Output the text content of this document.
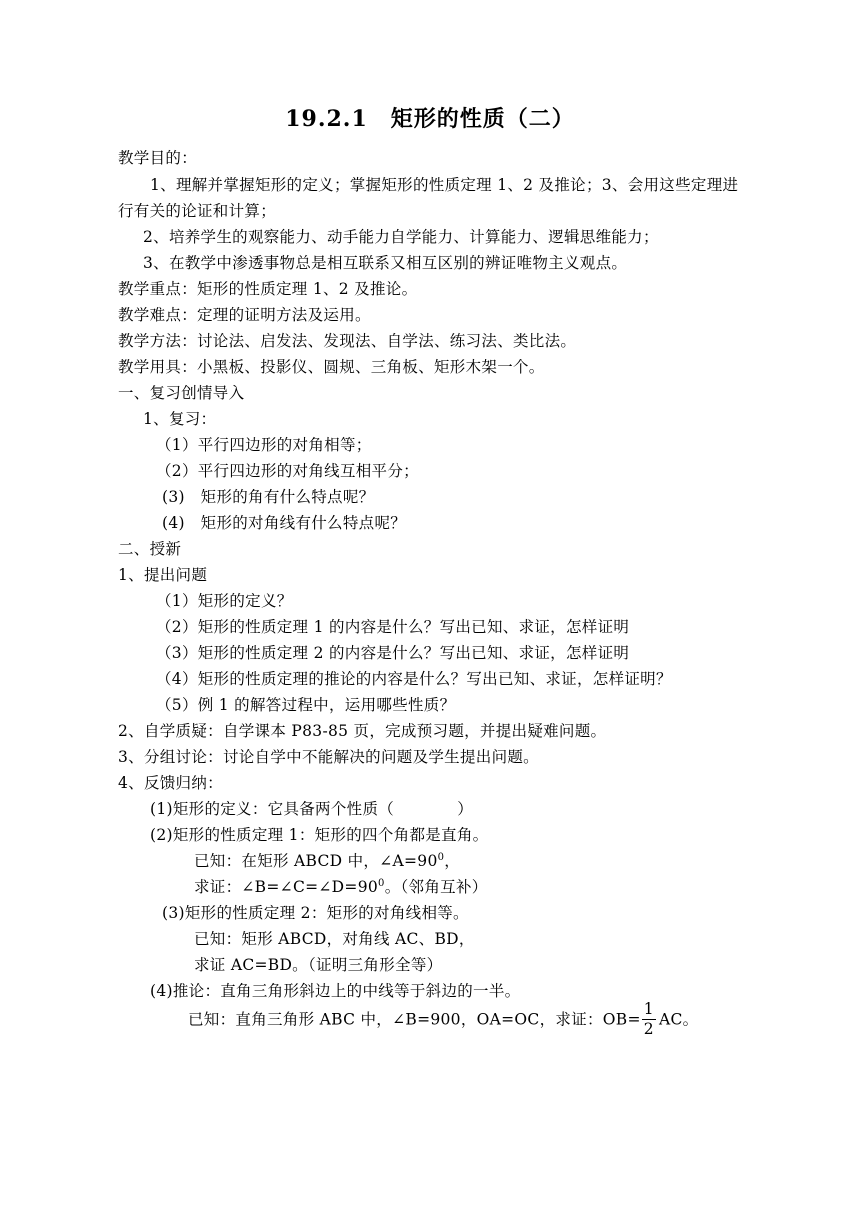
19.2.1　矩形的性质（二）
教学目的：
1、理解并掌握矩形的定义；掌握矩形的性质定理 1、2 及推论；3、会用这些定理进
行有关的论证和计算；
2、培养学生的观察能力、动手能力自学能力、计算能力、逻辑思维能力；
3、在教学中渗透事物总是相互联系又相互区别的辨证唯物主义观点。
教学重点：矩形的性质定理 1、2 及推论。
教学难点：定理的证明方法及运用。
教学方法：讨论法、启发法、发现法、自学法、练习法、类比法。
教学用具：小黑板、投影仪、圆规、三角板、矩形木架一个。
一、复习创情导入
1、复习：
（1）平行四边形的对角相等；
（2）平行四边形的对角线互相平分；
(3)　矩形的角有什么特点呢？
(4)　矩形的对角线有什么特点呢？
二、授新
1、提出问题
（1）矩形的定义？
（2）矩形的性质定理 1 的内容是什么？写出已知、求证，怎样证明
（3）矩形的性质定理 2 的内容是什么？写出已知、求证，怎样证明
（4）矩形的性质定理的推论的内容是什么？写出已知、求证，怎样证明？
（5）例 1 的解答过程中，运用哪些性质？
2、自学质疑：自学课本 P83-85 页，完成预习题，并提出疑难问题。
3、分组讨论：讨论自学中不能解决的问题及学生提出问题。
4、反馈归纳：
(1)矩形的定义：它具备两个性质（　　　　）
(2)矩形的性质定理 1：矩形的四个角都是直角。
已知：在矩形 ABCD 中，$\angle A=90^0$，
求证：$\angle B=\angle C=\angle D=90^0$。（邻角互补）
(3)矩形的性质定理 2：矩形的对角线相等。
已知：矩形 ABCD，对角线 AC、BD，
求证 AC=BD。（证明三角形全等）
(4)推论：直角三角形斜边上的中线等于斜边的一半。
已知：直角三角形 ABC 中，∠B=900，OA=OC，求证：$OB= \frac{1}{2}$ AC。
